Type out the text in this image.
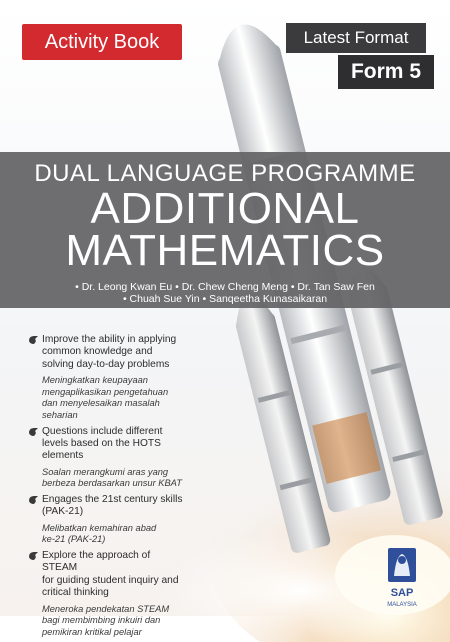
Activity Book	Latest Format
Form 5
DUAL LANGUAGE PROGRAMME
ADDITIONAL
MATHEMATICS
• Dr. Leong Kwan Eu • Dr. Chew Cheng Meng • Dr. Tan Saw Fen
• Chuah Sue Yin • Sanqeetha Kunasaikaran
Improve the ability in applying
common knowledge and
solving day-to-day problems
Meningkatkan keupayaan
mengaplikasikan pengetahuan
dan menyelesaikan masalah
seharian
Questions include different
levels based on the HOTS
elements
Soalan merangkumi aras yang
berbeza berdasarkan unsur KBAT
Engages the 21st century skills
(PAK-21)
Melibatkan kemahiran abad
ke-21 (PAK-21)
Explore the approach of STEAM
for guiding student inquiry and
critical thinking
Meneroka pendekatan STEAM
bagi membimbing inkuiri dan
pemikiran kritikal pelajar
SAP
MALAYSIA
